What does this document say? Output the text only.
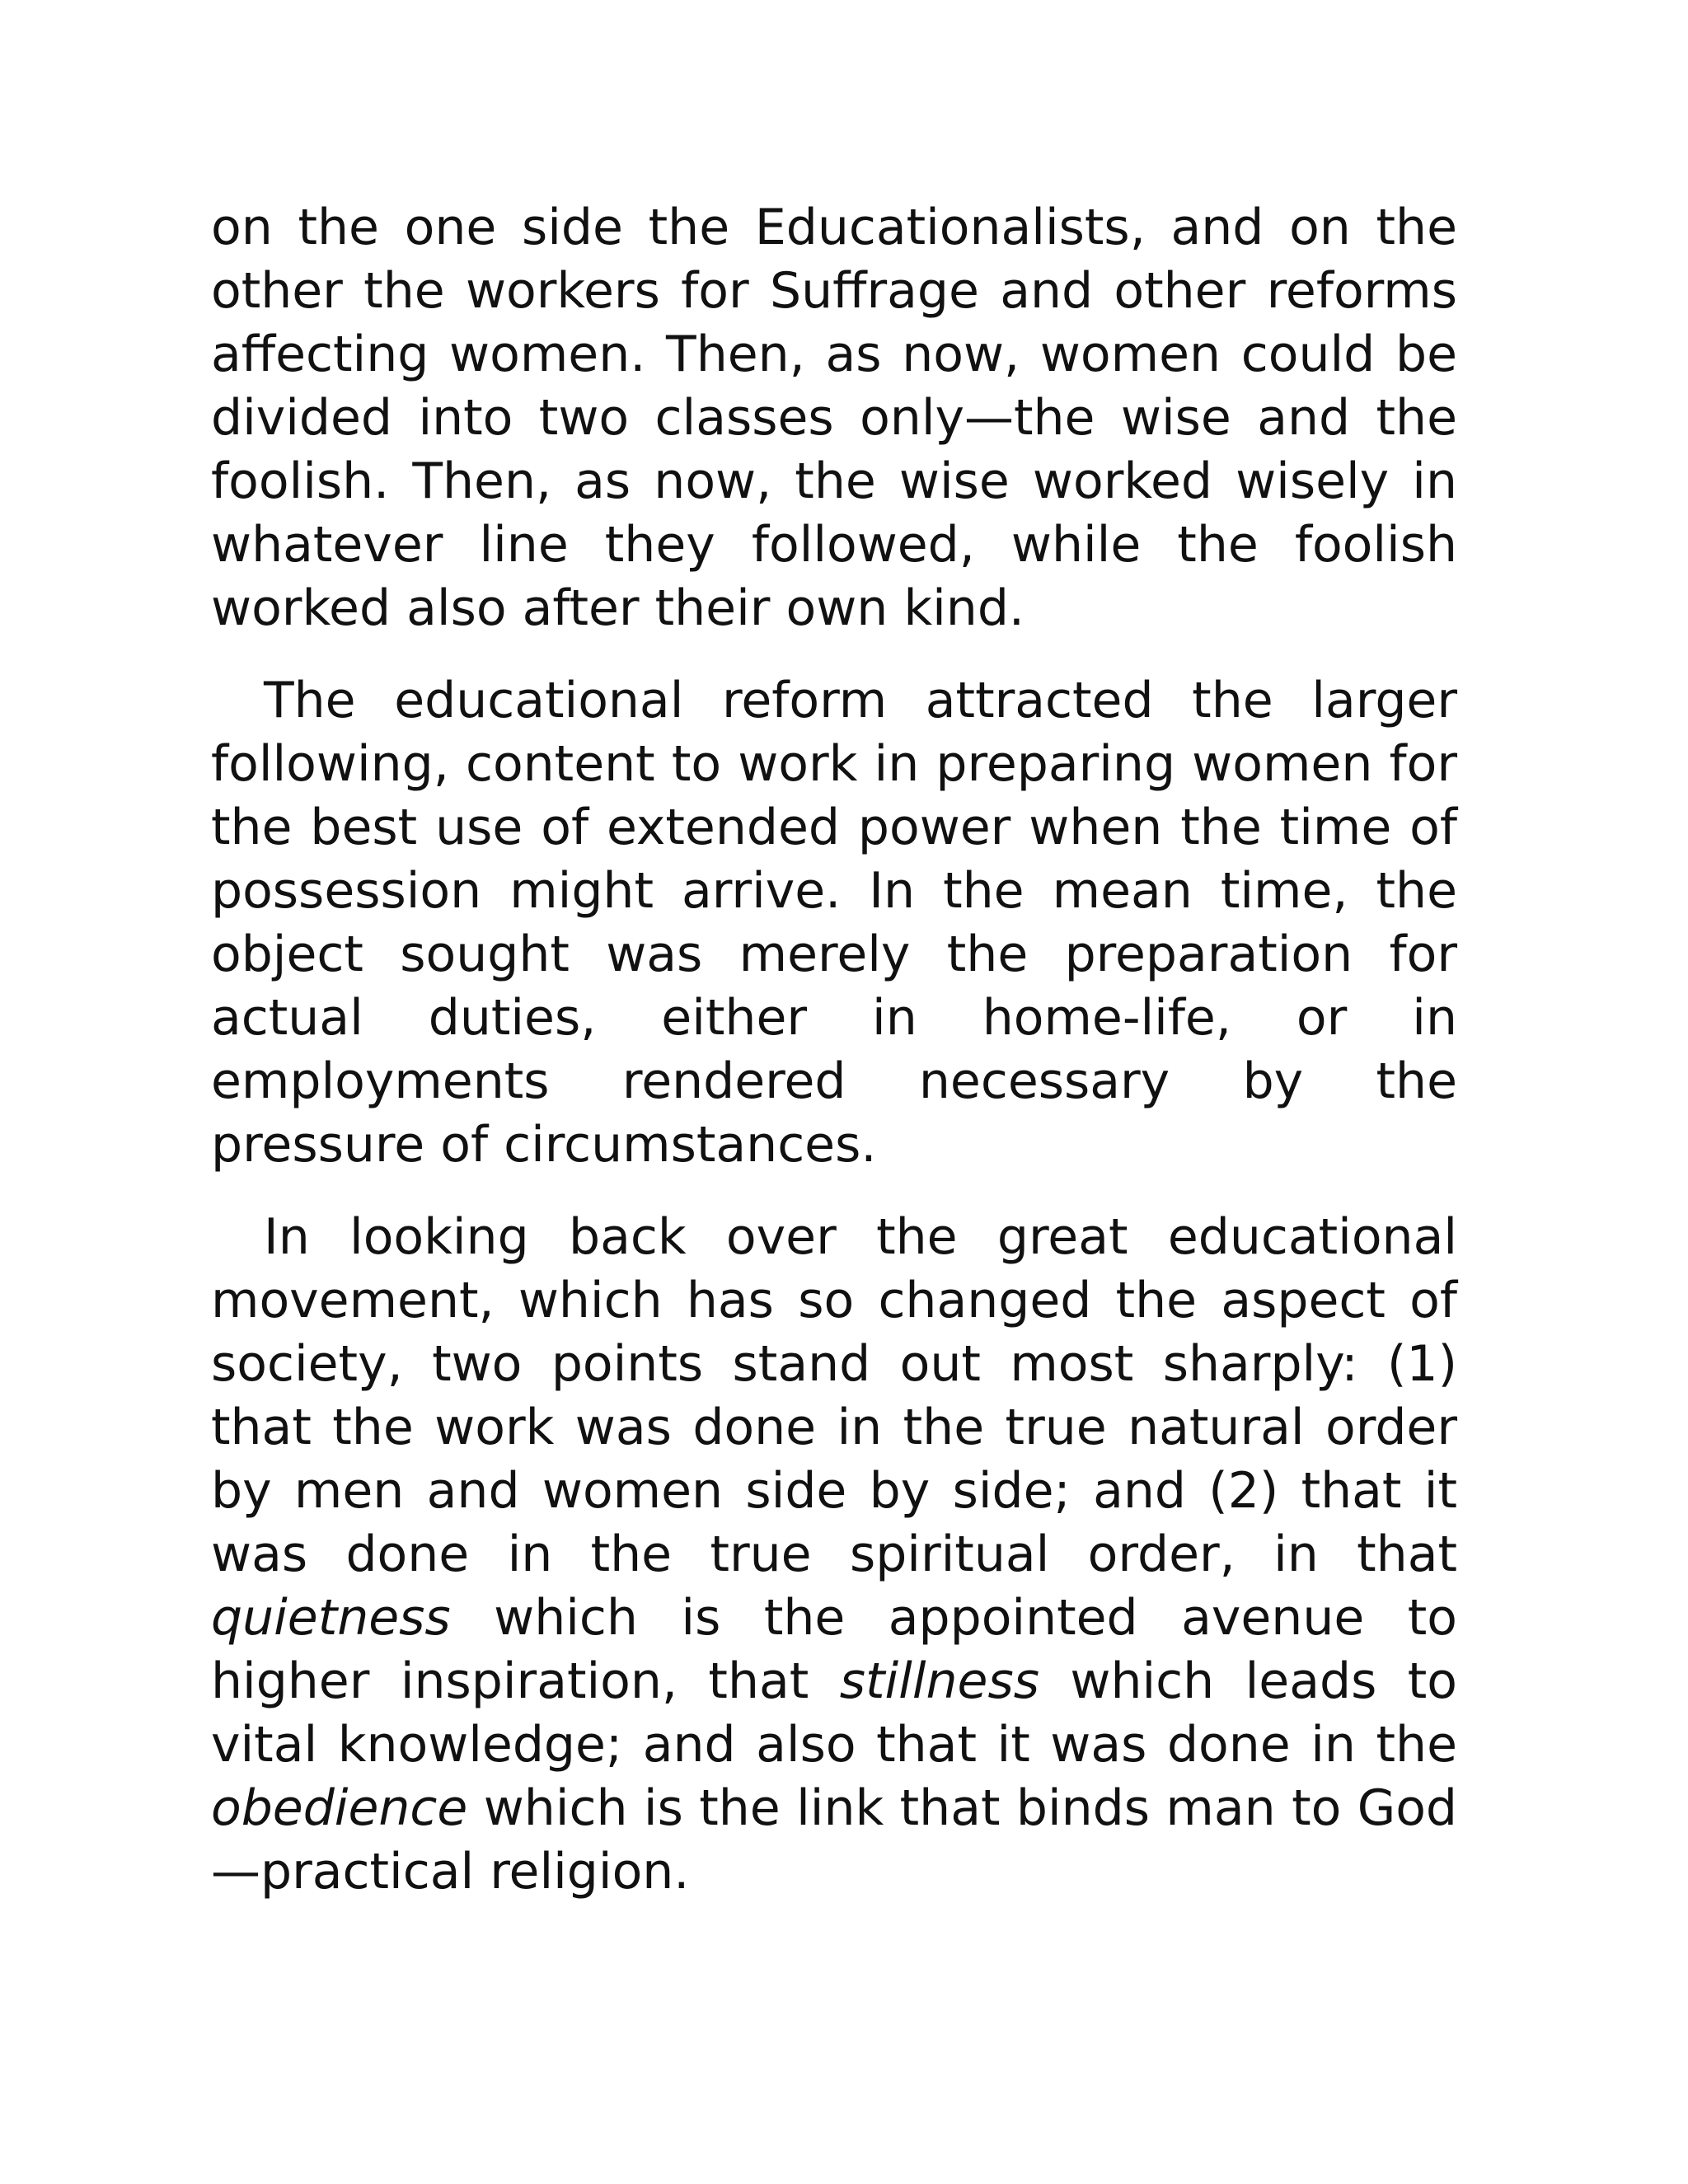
on the one side the Educationalists, and on the other the workers for Suffrage and other reforms affecting women. Then, as now, women could be divided into two classes only—the wise and the foolish. Then, as now, the wise worked wisely in whatever line they followed, while the foolish worked also after their own kind.

The educational reform attracted the larger following, content to work in preparing women for the best use of extended power when the time of possession might arrive. In the mean time, the object sought was merely the preparation for actual duties, either in home-life, or in employments rendered necessary by the pressure of circumstances.

In looking back over the great educational movement, which has so changed the aspect of society, two points stand out most sharply: (1) that the work was done in the true natural order by men and women side by side; and (2) that it was done in the true spiritual order, in that quietness which is the appointed avenue to higher inspiration, that stillness which leads to vital knowledge; and also that it was done in the obedience which is the link that binds man to God—practical religion.
